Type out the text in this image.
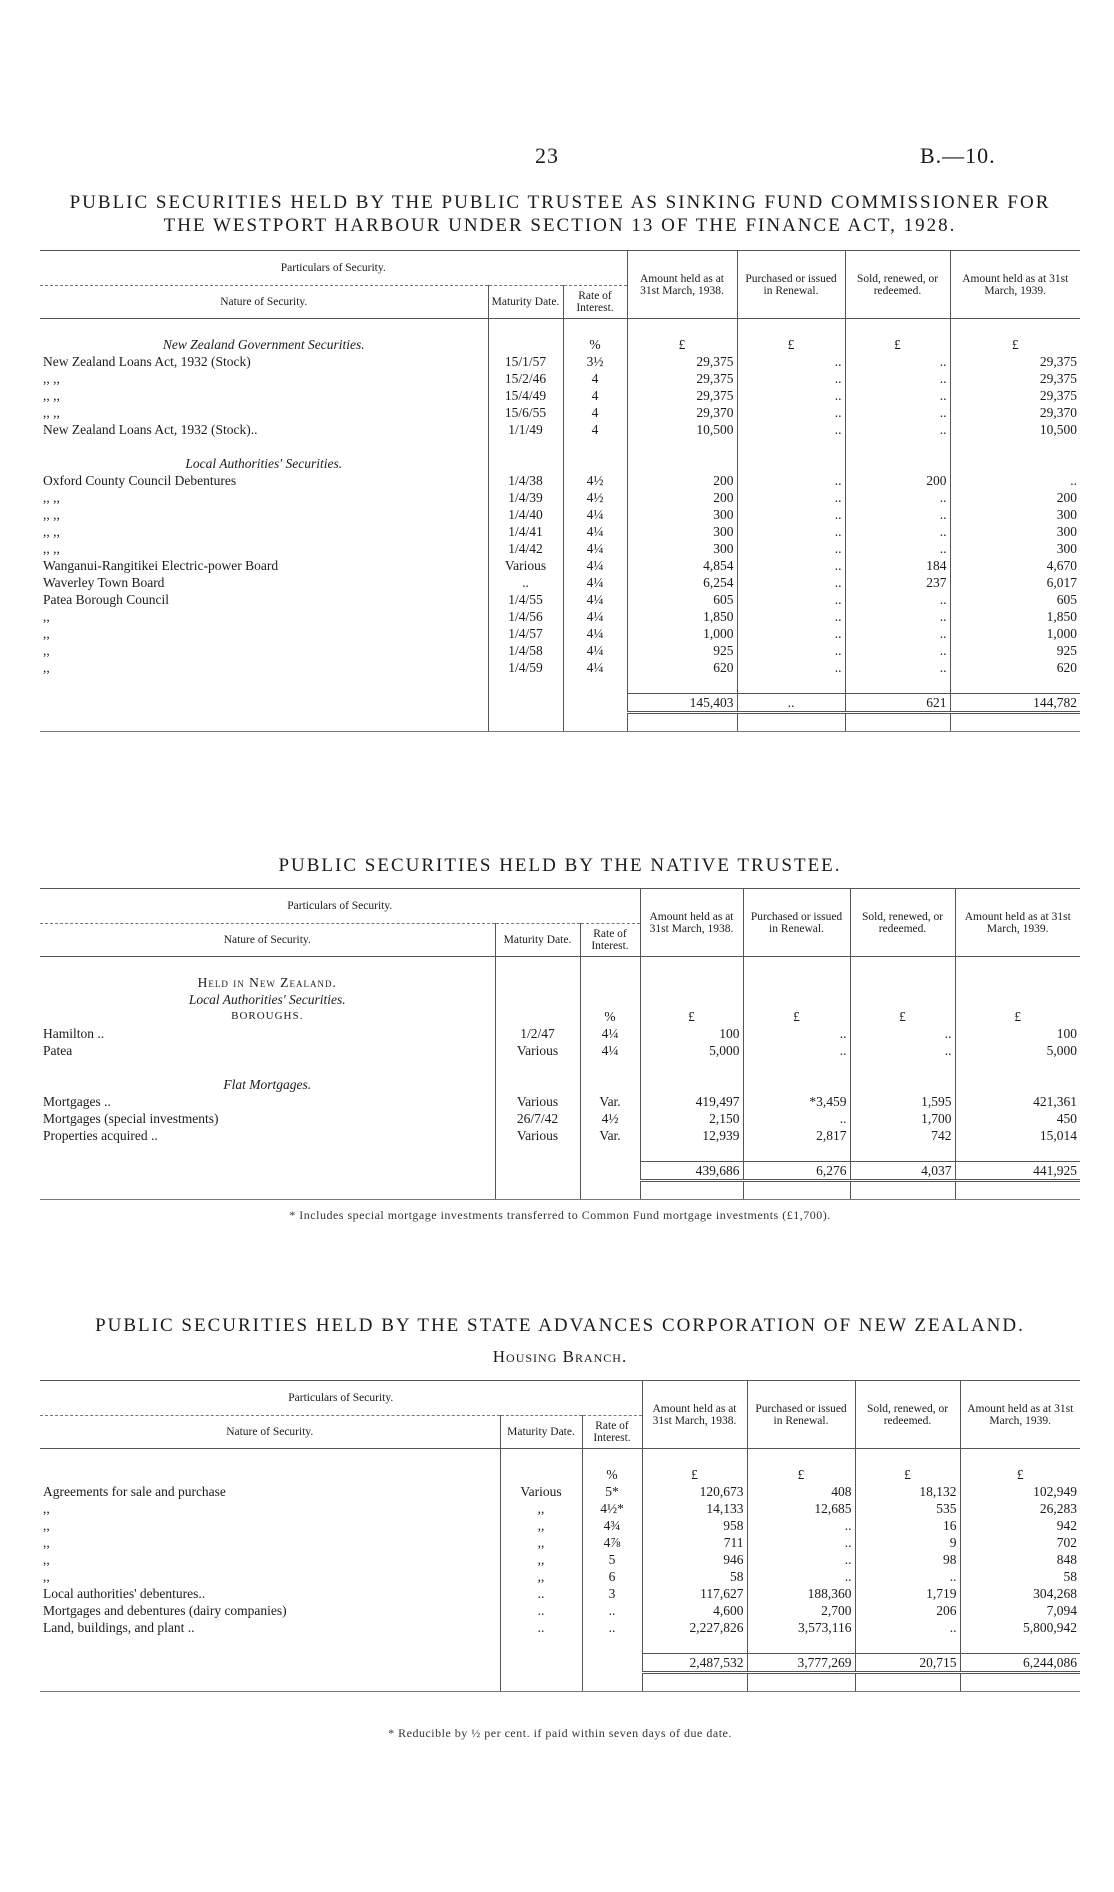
23	B.—10.
PUBLIC SECURITIES HELD BY THE PUBLIC TRUSTEE AS SINKING FUND COMMISSIONER FOR
THE WESTPORT HARBOUR UNDER SECTION 13 OF THE FINANCE ACT, 1928.
Particulars of Security.			Amount held as at 31st March, 1938.	Purchased or issued in Renewal.	Sold, renewed, or redeemed.	Amount held as at 31st March, 1939.
Nature of Security.	Maturity Date.	Rate of Interest.				

New Zealand Government Securities.		%	£	£	£	£
New Zealand Loans Act, 1932 (Stock)	15/1/57	3½	29,375	..	..	29,375
,, ,,	15/2/46	4	29,375	..	..	29,375
,, ,,	15/4/49	4	29,375	..	..	29,375
,, ,,	15/6/55	4	29,370	..	..	29,370
New Zealand Loans Act, 1932 (Stock)..	1/1/49	4	10,500	..	..	10,500

Local Authorities' Securities.						
Oxford County Council Debentures	1/4/38	4½	200	..	200	..
,, ,,	1/4/39	4½	200	..	..	200
,, ,,	1/4/40	4¼	300	..	..	300
,, ,,	1/4/41	4¼	300	..	..	300
,, ,,	1/4/42	4¼	300	..	..	300
Wanganui-Rangitikei Electric-power Board	Various	4¼	4,854	..	184	4,670
Waverley Town Board	..	4¼	6,254	..	237	6,017
Patea Borough Council	1/4/55	4¼	605	..	..	605
,,	1/4/56	4¼	1,850	..	..	1,850
,,	1/4/57	4¼	1,000	..	..	1,000
,,	1/4/58	4¼	925	..	..	925
,,	1/4/59	4¼	620	..	..	620

			145,403	..	621	144,782

PUBLIC SECURITIES HELD BY THE NATIVE TRUSTEE.
Particulars of Security.			Amount held as at 31st March, 1938.	Purchased or issued in Renewal.	Sold, renewed, or redeemed.	Amount held as at 31st March, 1939.
Nature of Security.	Maturity Date.	Rate of Interest.				

Held in New Zealand.						
Local Authorities' Securities.						
BOROUGHS.		%	£	£	£	£
Hamilton ..	1/2/47	4¼	100	..	..	100
Patea	Various	4¼	5,000	..	..	5,000

Flat Mortgages.						
Mortgages ..	Various	Var.	419,497	*3,459	1,595	421,361
Mortgages (special investments)	26/7/42	4½	2,150	..	1,700	450
Properties acquired ..	Various	Var.	12,939	2,817	742	15,014

			439,686	6,276	4,037	441,925

* Includes special mortgage investments transferred to Common Fund mortgage investments (£1,700).
PUBLIC SECURITIES HELD BY THE STATE ADVANCES CORPORATION OF NEW ZEALAND.
Housing Branch.
Particulars of Security.			Amount held as at 31st March, 1938.	Purchased or issued in Renewal.	Sold, renewed, or redeemed.	Amount held as at 31st March, 1939.
Nature of Security.	Maturity Date.	Rate of Interest.				

		%	£	£	£	£
Agreements for sale and purchase	Various	5*	120,673	408	18,132	102,949
,,	,,	4½*	14,133	12,685	535	26,283
,,	,,	4¾	958	..	16	942
,,	,,	4⅞	711	..	9	702
,,	,,	5	946	..	98	848
,,	,,	6	58	..	..	58
Local authorities' debentures..	..	3	117,627	188,360	1,719	304,268
Mortgages and debentures (dairy companies)	..	..	4,600	2,700	206	7,094
Land, buildings, and plant ..	..	..	2,227,826	3,573,116	..	5,800,942

			2,487,532	3,777,269	20,715	6,244,086

* Reducible by ½ per cent. if paid within seven days of due date.
